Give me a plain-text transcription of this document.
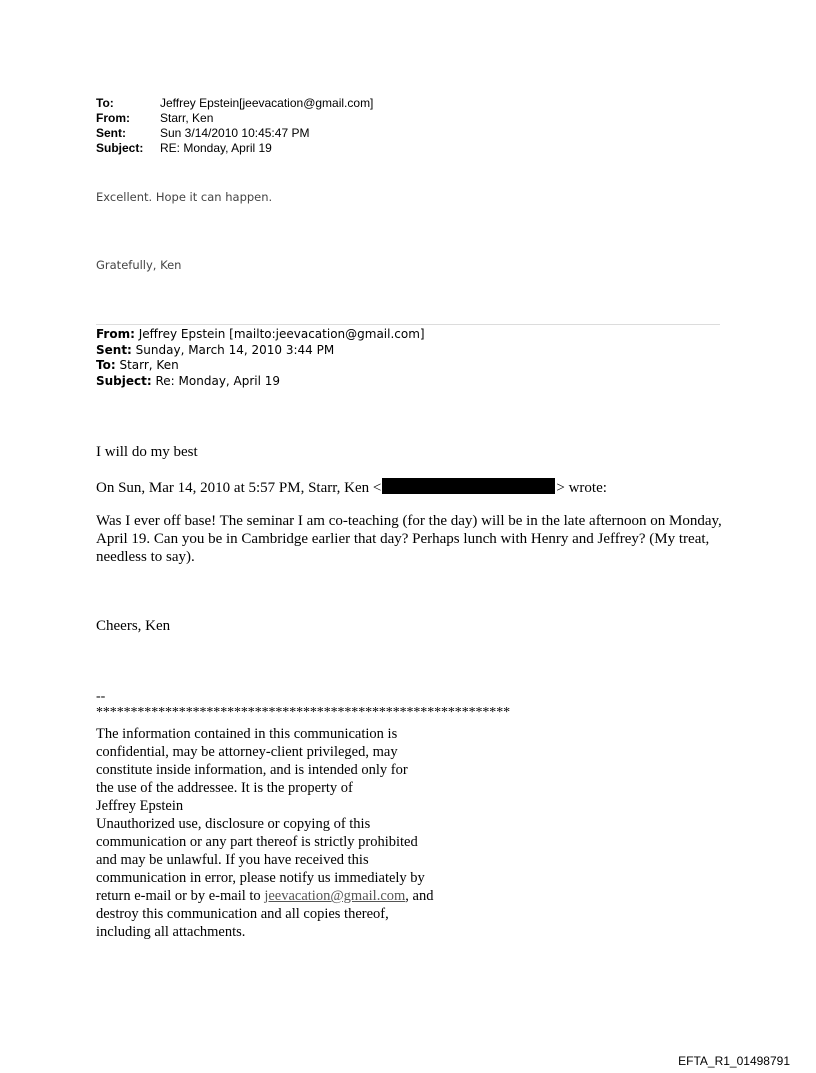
To:	Jeffrey Epstein[jeevacation@gmail.com]
From:	Starr, Ken
Sent:	Sun 3/14/2010 10:45:47 PM
Subject:	RE: Monday, April 19
Excellent. Hope it can happen.
Gratefully, Ken
From: Jeffrey Epstein [mailto:jeevacation@gmail.com]
Sent: Sunday, March 14, 2010 3:44 PM
To: Starr, Ken
Subject: Re: Monday, April 19
I will do my best
On Sun, Mar 14, 2010 at 5:57 PM, Starr, Ken <	> wrote:
Was I ever off base! The seminar I am co-teaching (for the day) will be in the late afternoon on Monday, April 19. Can you be in Cambridge earlier that day? Perhaps lunch with Henry and Jeffrey? (My treat, needless to say).
Cheers, Ken
--
************************************************************
The information contained in this communication is
confidential, may be attorney-client privileged, may
constitute inside information, and is intended only for
the use of the addressee. It is the property of
Jeffrey Epstein
Unauthorized use, disclosure or copying of this
communication or any part thereof is strictly prohibited
and may be unlawful. If you have received this
communication in error, please notify us immediately by
return e-mail or by e-mail to jeevacation@gmail.com, and
destroy this communication and all copies thereof,
including all attachments.
EFTA_R1_01498791
